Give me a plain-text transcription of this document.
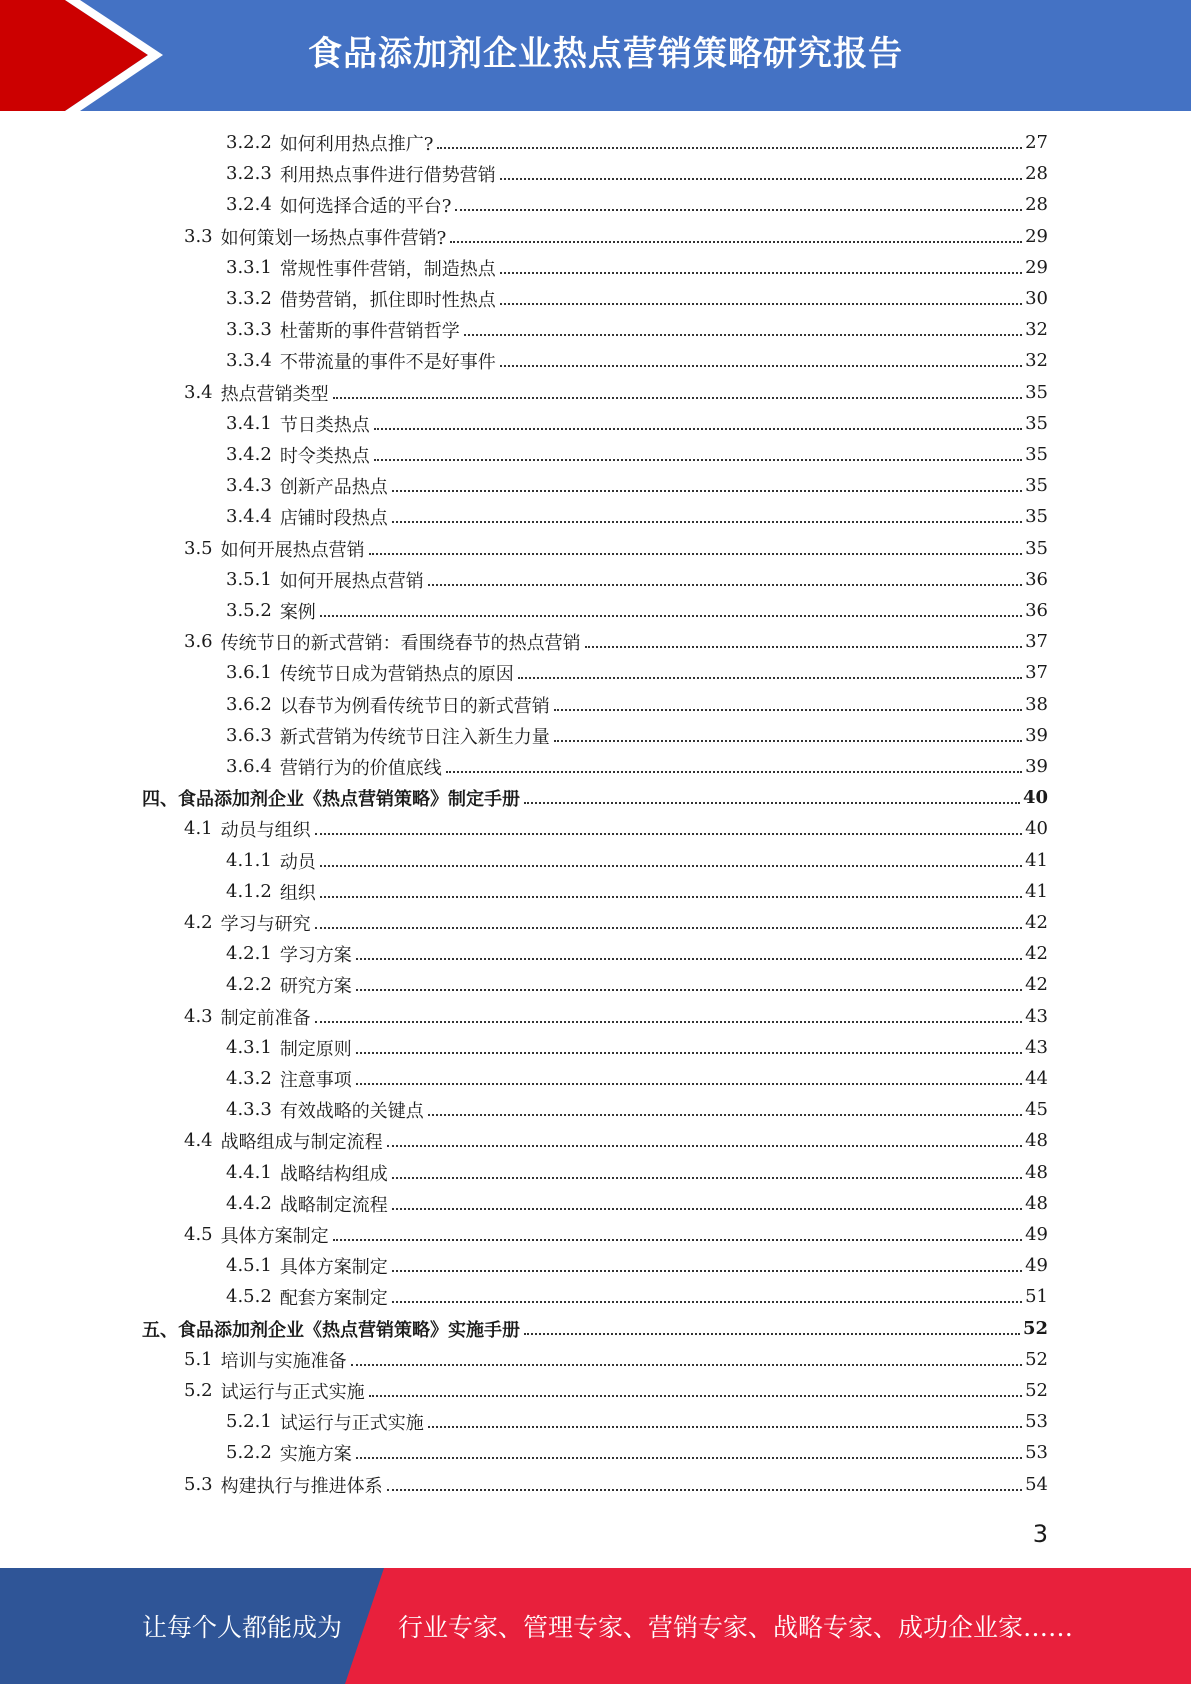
食品添加剂企业热点营销策略研究报告
3.2.2 如何利用热点推广?	27
3.2.3 利用热点事件进行借势营销	28
3.2.4 如何选择合适的平台?	28
3.3 如何策划一场热点事件营销?	29
3.3.1 常规性事件营销，制造热点	29
3.3.2 借势营销，抓住即时性热点	30
3.3.3 杜蕾斯的事件营销哲学	32
3.3.4 不带流量的事件不是好事件	32
3.4 热点营销类型	35
3.4.1 节日类热点	35
3.4.2 时令类热点	35
3.4.3 创新产品热点	35
3.4.4 店铺时段热点	35
3.5 如何开展热点营销	35
3.5.1 如何开展热点营销	36
3.5.2 案例	36
3.6 传统节日的新式营销：看围绕春节的热点营销	37
3.6.1 传统节日成为营销热点的原因	37
3.6.2 以春节为例看传统节日的新式营销	38
3.6.3 新式营销为传统节日注入新生力量	39
3.6.4 营销行为的价值底线	39
四、 食品添加剂企业《热点营销策略》制定手册	40
4.1 动员与组织	40
4.1.1 动员	41
4.1.2 组织	41
4.2 学习与研究	42
4.2.1 学习方案	42
4.2.2 研究方案	42
4.3 制定前准备	43
4.3.1 制定原则	43
4.3.2 注意事项	44
4.3.3 有效战略的关键点	45
4.4 战略组成与制定流程	48
4.4.1 战略结构组成	48
4.4.2 战略制定流程	48
4.5 具体方案制定	49
4.5.1 具体方案制定	49
4.5.2 配套方案制定	51
五、 食品添加剂企业《热点营销策略》实施手册	52
5.1 培训与实施准备	52
5.2 试运行与正式实施	52
5.2.1 试运行与正式实施	53
5.2.2 实施方案	53
5.3 构建执行与推进体系	54
3
让每个人都能成为 行业专家、管理专家、营销专家、战略专家、成功企业家……
